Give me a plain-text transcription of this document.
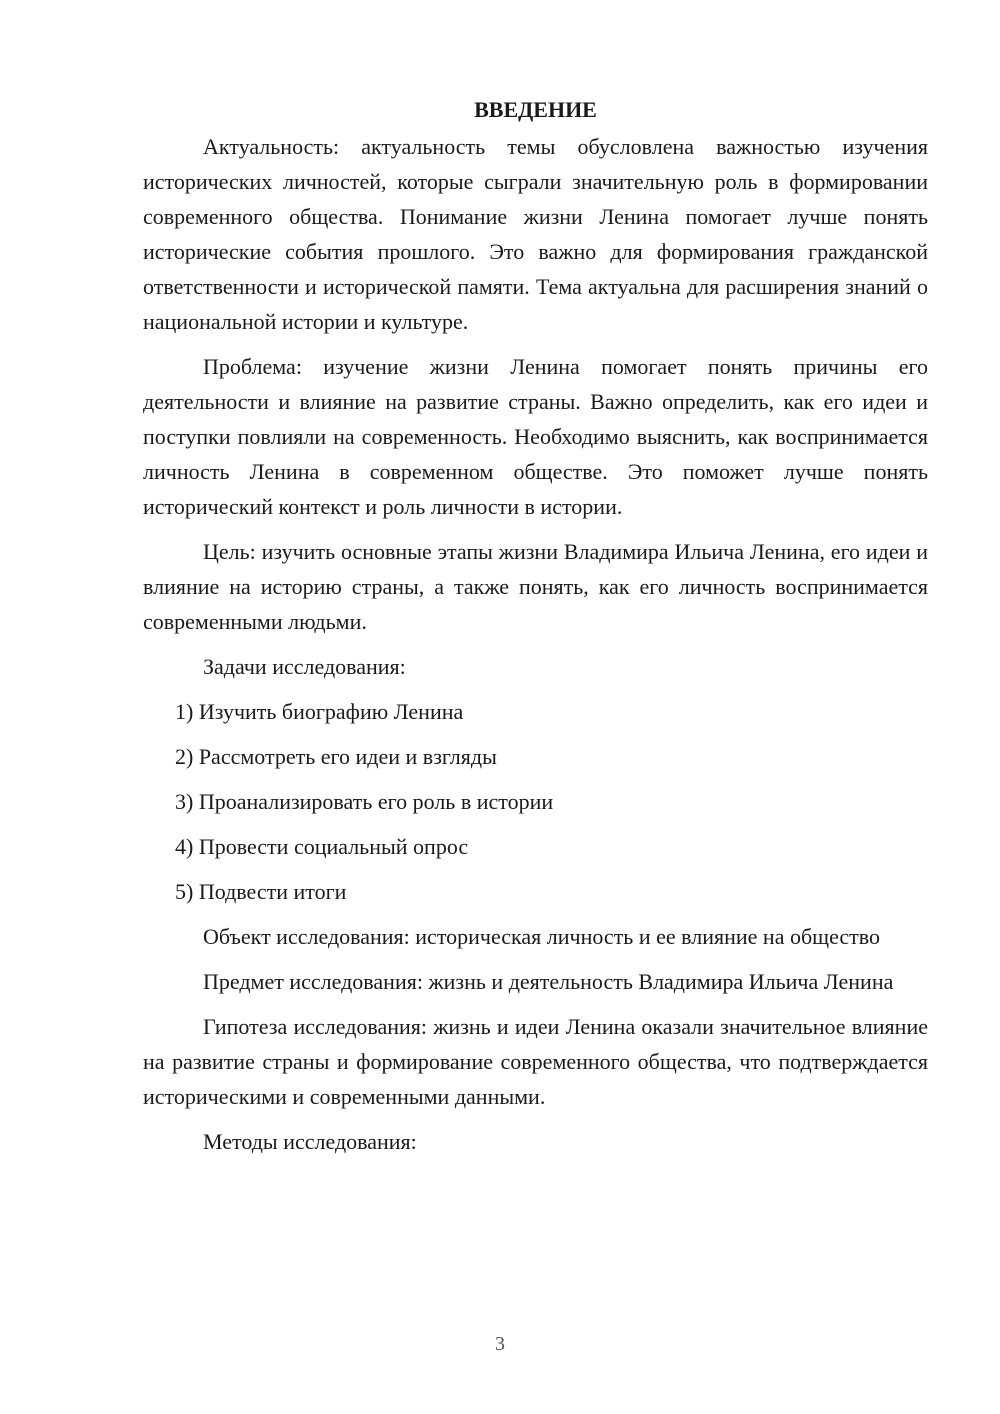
ВВЕДЕНИЕ

Актуальность: актуальность темы обусловлена важностью изучения исторических личностей, которые сыграли значительную роль в формировании современного общества. Понимание жизни Ленина помогает лучше понять исторические события прошлого. Это важно для формирования гражданской ответственности и исторической памяти. Тема актуальна для расширения знаний о национальной истории и культуре.

Проблема: изучение жизни Ленина помогает понять причины его деятельности и влияние на развитие страны. Важно определить, как его идеи и поступки повлияли на современность. Необходимо выяснить, как воспринимается личность Ленина в современном обществе. Это поможет лучше понять исторический контекст и роль личности в истории.

Цель: изучить основные этапы жизни Владимира Ильича Ленина, его идеи и влияние на историю страны, а также понять, как его личность воспринимается современными людьми.

Задачи исследования:

1) Изучить биографию Ленина
2) Рассмотреть его идеи и взгляды
3) Проанализировать его роль в истории
4) Провести социальный опрос
5) Подвести итоги

Объект исследования: историческая личность и ее влияние на общество

Предмет исследования: жизнь и деятельность Владимира Ильича Ленина

Гипотеза исследования: жизнь и идеи Ленина оказали значительное влияние на развитие страны и формирование современного общества, что подтверждается историческими и современными данными.

Методы исследования:

3
